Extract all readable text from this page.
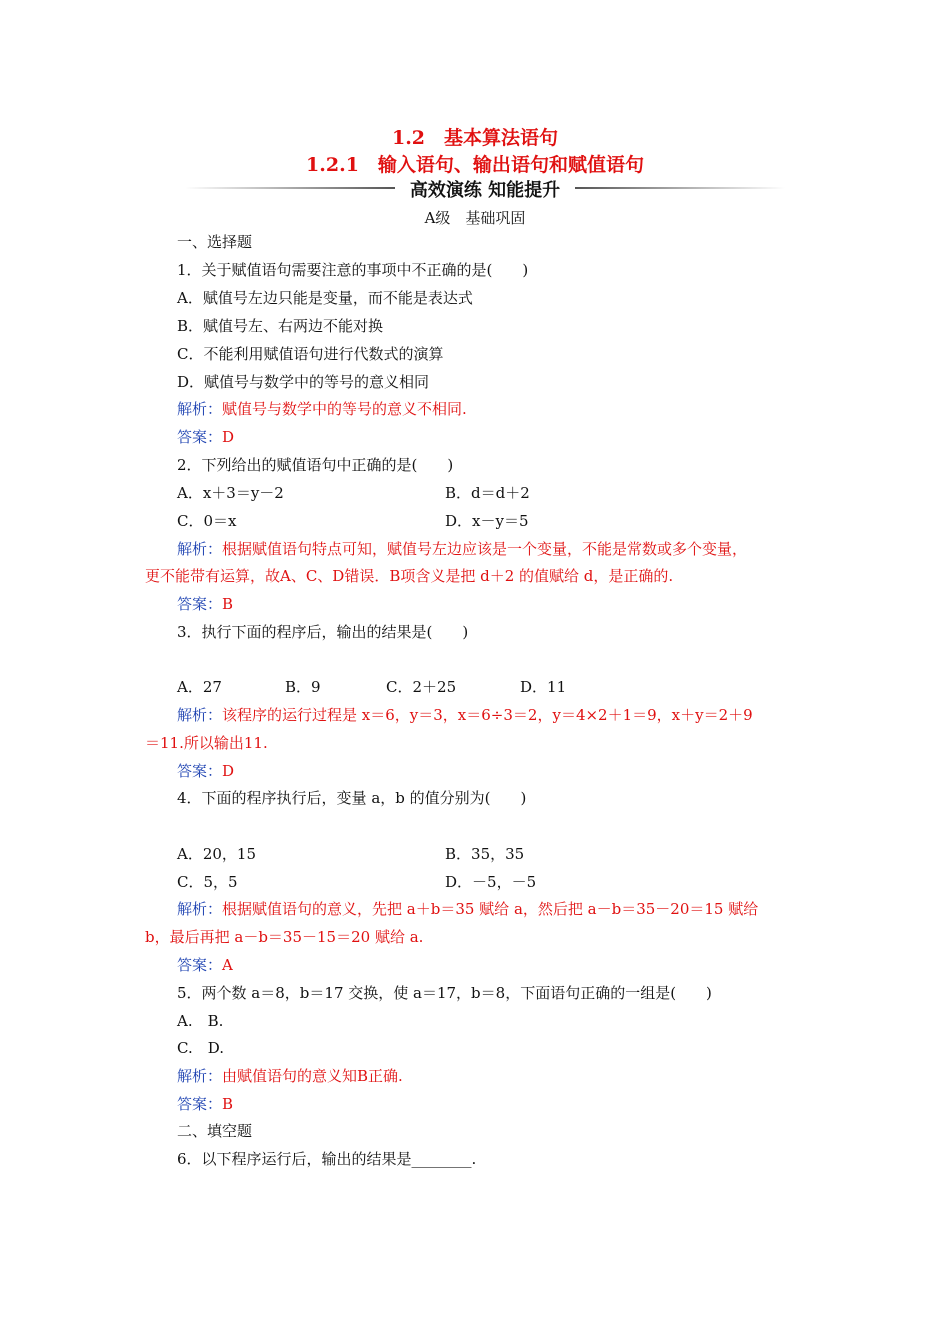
1.2　基本算法语句
1.2.1　输入语句、输出语句和赋值语句
高效演练 知能提升
A级　基础巩固
一、选择题
1．关于赋值语句需要注意的事项中不正确的是(　　)
A．赋值号左边只能是变量，而不能是表达式
B．赋值号左、右两边不能对换
C．不能利用赋值语句进行代数式的演算
D．赋值号与数学中的等号的意义相同
解析：赋值号与数学中的等号的意义不相同.
答案：D
2．下列给出的赋值语句中正确的是(　　)
A．x＋3＝y－2	B．d＝d＋2
C．0＝x	D．x－y＝5
解析：根据赋值语句特点可知，赋值号左边应该是一个变量，不能是常数或多个变量，
更不能带有运算，故A、C、D错误．B项含义是把 d＋2 的值赋给 d，是正确的.
答案：B
3．执行下面的程序后，输出的结果是(　　)
A．27	B．9	C．2＋25	D．11
解析：该程序的运行过程是 x＝6，y＝3，x＝6÷3＝2，y＝4×2＋1＝9，x＋y＝2＋9
＝11.所以输出11.
答案：D
4．下面的程序执行后，变量 a，b 的值分别为(　　)
A．20，15	B．35，35
C．5，5	D．－5，－5
解析：根据赋值语句的意义，先把 a＋b＝35 赋给 a，然后把 a－b＝35－20＝15 赋给
b，最后再把 a－b＝35－15＝20 赋给 a.
答案：A
5．两个数 a＝8，b＝17 交换，使 a＝17，b＝8，下面语句正确的一组是(　　)
A.　B.
C.　D.
解析：由赋值语句的意义知B正确.
答案：B
二、填空题
6．以下程序运行后，输出的结果是________.
